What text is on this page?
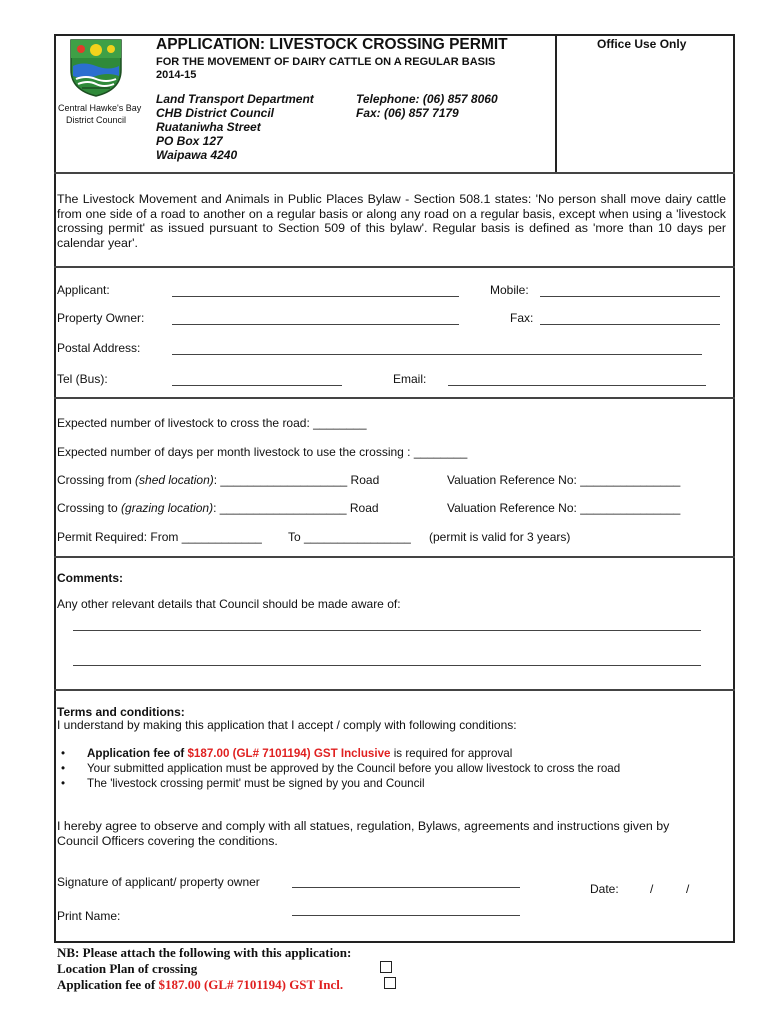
Central Hawke's Bay
District Council
APPLICATION: LIVESTOCK CROSSING PERMIT
FOR THE MOVEMENT OF DAIRY CATTLE ON A REGULAR BASIS
2014-15
Office Use Only
Land Transport Department
CHB District Council
Ruataniwha Street
PO Box 127
Waipawa 4240
Telephone: (06) 857 8060
Fax: (06) 857 7179
The Livestock Movement and Animals in Public Places Bylaw - Section 508.1 states: 'No person shall move dairy cattle from one side of a road to another on a regular basis or along any road on a regular basis, except when using a 'livestock crossing permit' as issued pursuant to Section 509 of this bylaw'. Regular basis is defined as 'more than 10 days per calendar year'.
Applicant:	Mobile:
Property Owner:	Fax:
Postal Address:
Tel (Bus):	Email:
Expected number of livestock to cross the road: ________
Expected number of days per month livestock to use the crossing : ________
Crossing from (shed location): ___________________ Road	Valuation Reference No: _______________
Crossing to (grazing location): ___________________ Road	Valuation Reference No: _______________
Permit Required: From ____________ To ________________ (permit is valid for 3 years)
Comments:
Any other relevant details that Council should be made aware of:
Terms and conditions:
I understand by making this application that I accept / comply with following conditions:
• Application fee of $187.00 (GL# 7101194) GST Inclusive is required for approval
• Your submitted application must be approved by the Council before you allow livestock to cross the road
• The 'livestock crossing permit' must be signed by you and Council
I hereby agree to observe and comply with all statues, regulation, Bylaws, agreements and instructions given by Council Officers covering the conditions.
Signature of applicant/ property owner	Date:	/	/
Print Name:
NB: Please attach the following with this application:
Location Plan of crossing
Application fee of $187.00 (GL# 7101194) GST Incl.
